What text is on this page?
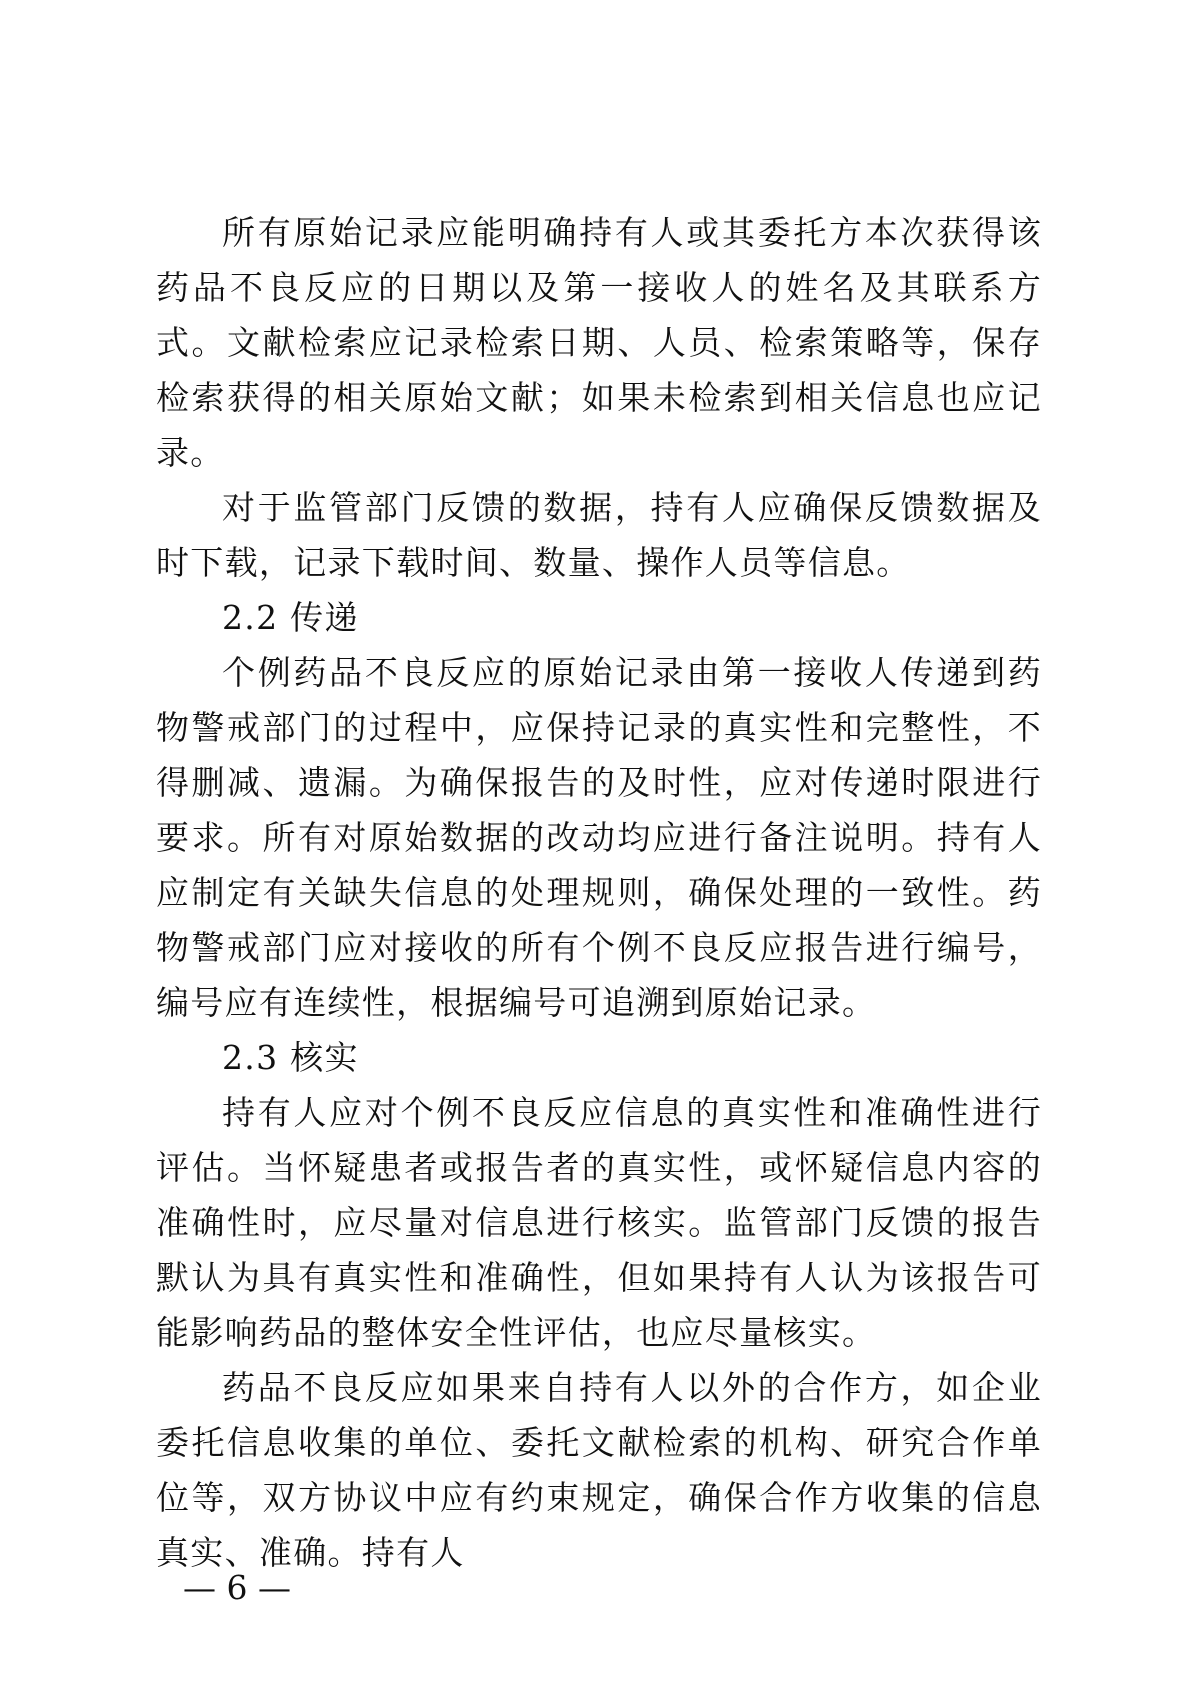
所有原始记录应能明确持有人或其委托方本次获得该药品不良反应的日期以及第一接收人的姓名及其联系方式。文献检索应记录检索日期、人员、检索策略等，保存检索获得的相关原始文献；如果未检索到相关信息也应记录。

对于监管部门反馈的数据，持有人应确保反馈数据及时下载，记录下载时间、数量、操作人员等信息。

2.2 传递

个例药品不良反应的原始记录由第一接收人传递到药物警戒部门的过程中，应保持记录的真实性和完整性，不得删减、遗漏。为确保报告的及时性，应对传递时限进行要求。所有对原始数据的改动均应进行备注说明。持有人应制定有关缺失信息的处理规则，确保处理的一致性。药物警戒部门应对接收的所有个例不良反应报告进行编号，编号应有连续性，根据编号可追溯到原始记录。

2.3 核实

持有人应对个例不良反应信息的真实性和准确性进行评估。当怀疑患者或报告者的真实性，或怀疑信息内容的准确性时，应尽量对信息进行核实。监管部门反馈的报告默认为具有真实性和准确性，但如果持有人认为该报告可能影响药品的整体安全性评估，也应尽量核实。

药品不良反应如果来自持有人以外的合作方，如企业委托信息收集的单位、委托文献检索的机构、研究合作单位等，双方协议中应有约束规定，确保合作方收集的信息真实、准确。持有人

— 6 —
